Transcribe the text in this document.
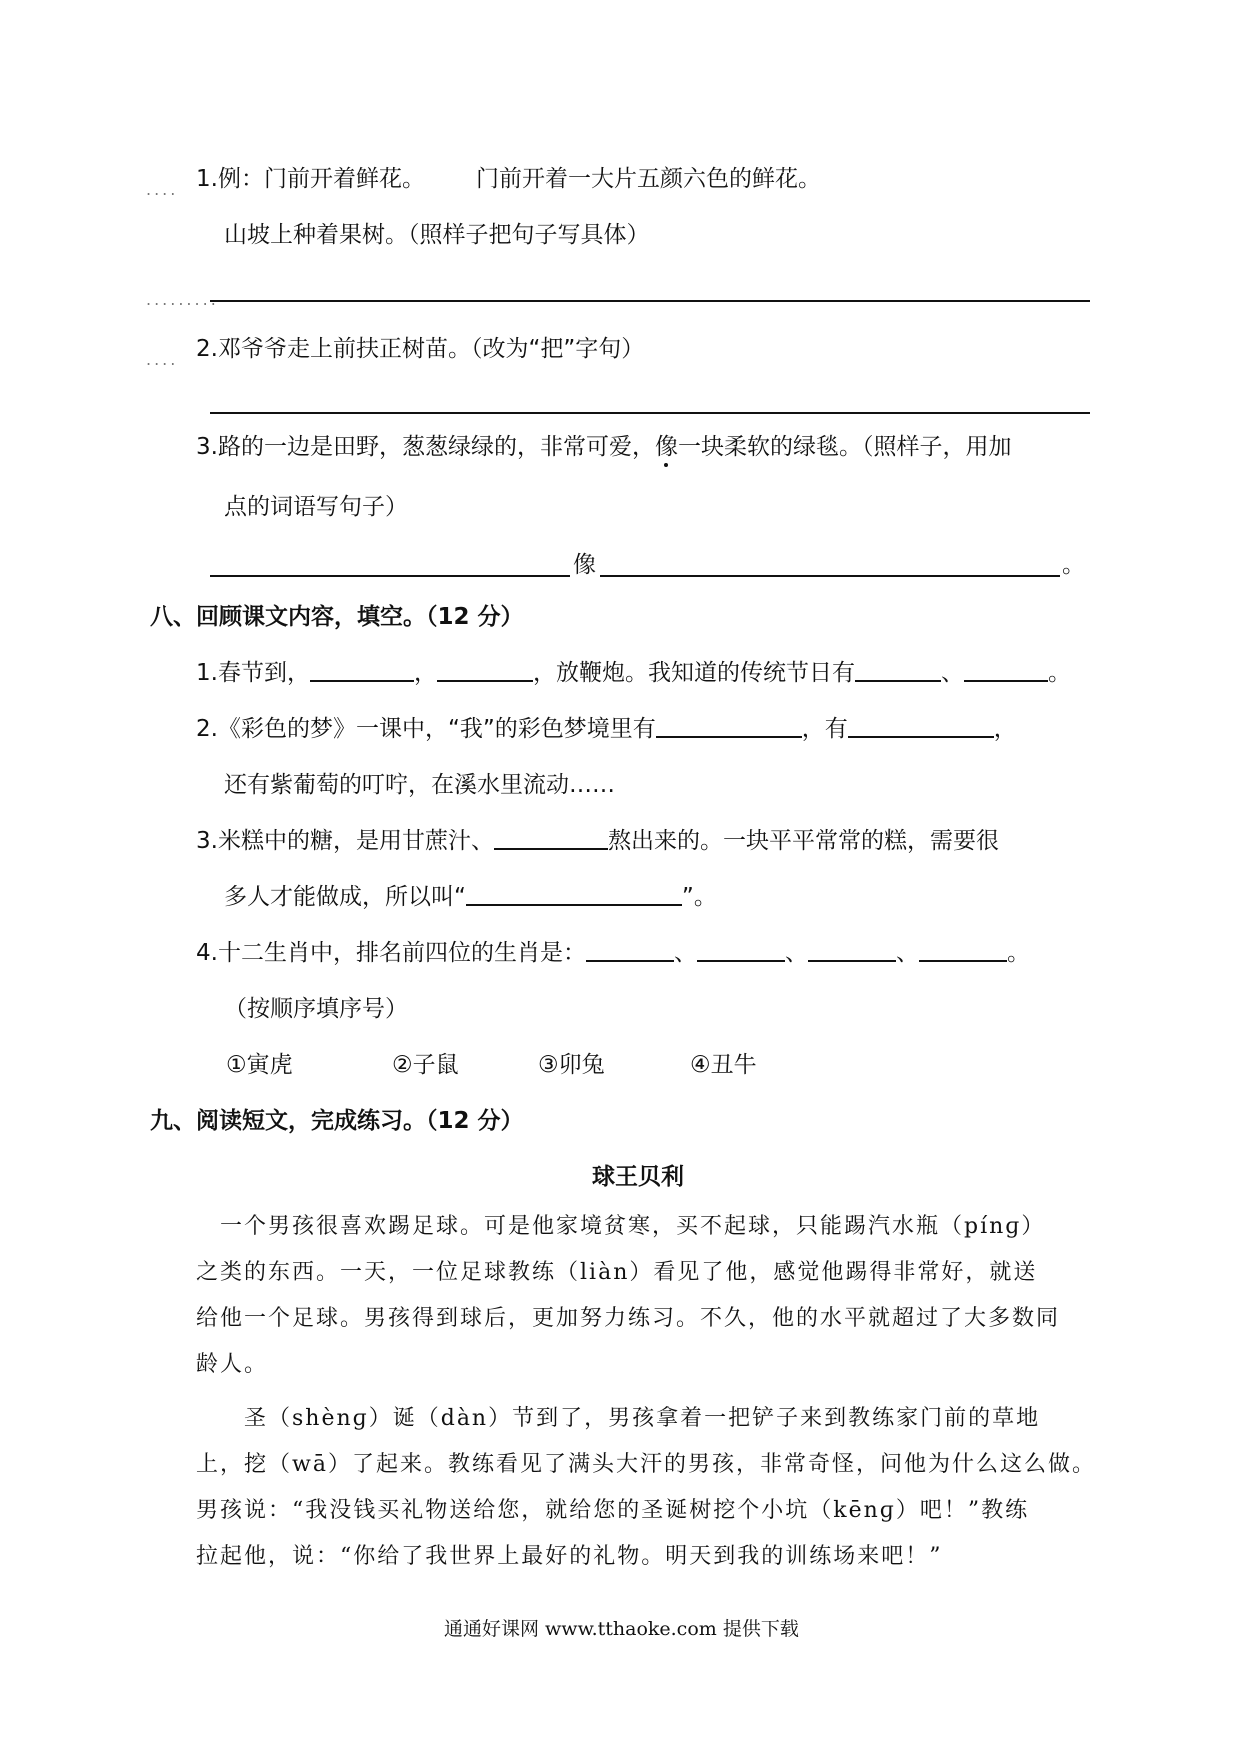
.... 1.例：门前开着鲜花。 门前开着一大片五颜六色的鲜花。
山坡上种着果树。（照样子把句子写具体）
.........
.... 2.邓爷爷走上前扶正树苗。（改为“把”字句）
3.路的一边是田野，葱葱绿绿的，非常可爱，像一块柔软的绿毯。（照样子，用加
点的词语写句子）
像	。
八、回顾课文内容，填空。（12 分）
1.春节到，	，	，放鞭炮。我知道的传统节日有	、	。
2.《彩色的梦》一课中，“我”的彩色梦境里有	，有	，
还有紫葡萄的叮咛，在溪水里流动……
3.米糕中的糖，是用甘蔗汁、	熬出来的。一块平平常常的糕，需要很
多人才能做成，所以叫“	”。
4.十二生肖中，排名前四位的生肖是：	、	、	、	。
（按顺序填序号）
①寅虎	②子鼠	③卯兔	④丑牛
九、阅读短文，完成练习。（12 分）
球王贝利
一个男孩很喜欢踢足球。可是他家境贫寒，买不起球，只能踢汽水瓶（pínɡ）
之类的东西。一天，一位足球教练（liàn）看见了他，感觉他踢得非常好，就送
给他一个足球。男孩得到球后，更加努力练习。不久，他的水平就超过了大多数同
龄人。
圣（shènɡ）诞（dàn）节到了，男孩拿着一把铲子来到教练家门前的草地
上，挖（wā）了起来。教练看见了满头大汗的男孩，非常奇怪，问他为什么这么做。
男孩说：“我没钱买礼物送给您，就给您的圣诞树挖个小坑（kēnɡ）吧！”教练
拉起他，说：“你给了我世界上最好的礼物。明天到我的训练场来吧！”
通通好课网 www.tthaoke.com 提供下载
